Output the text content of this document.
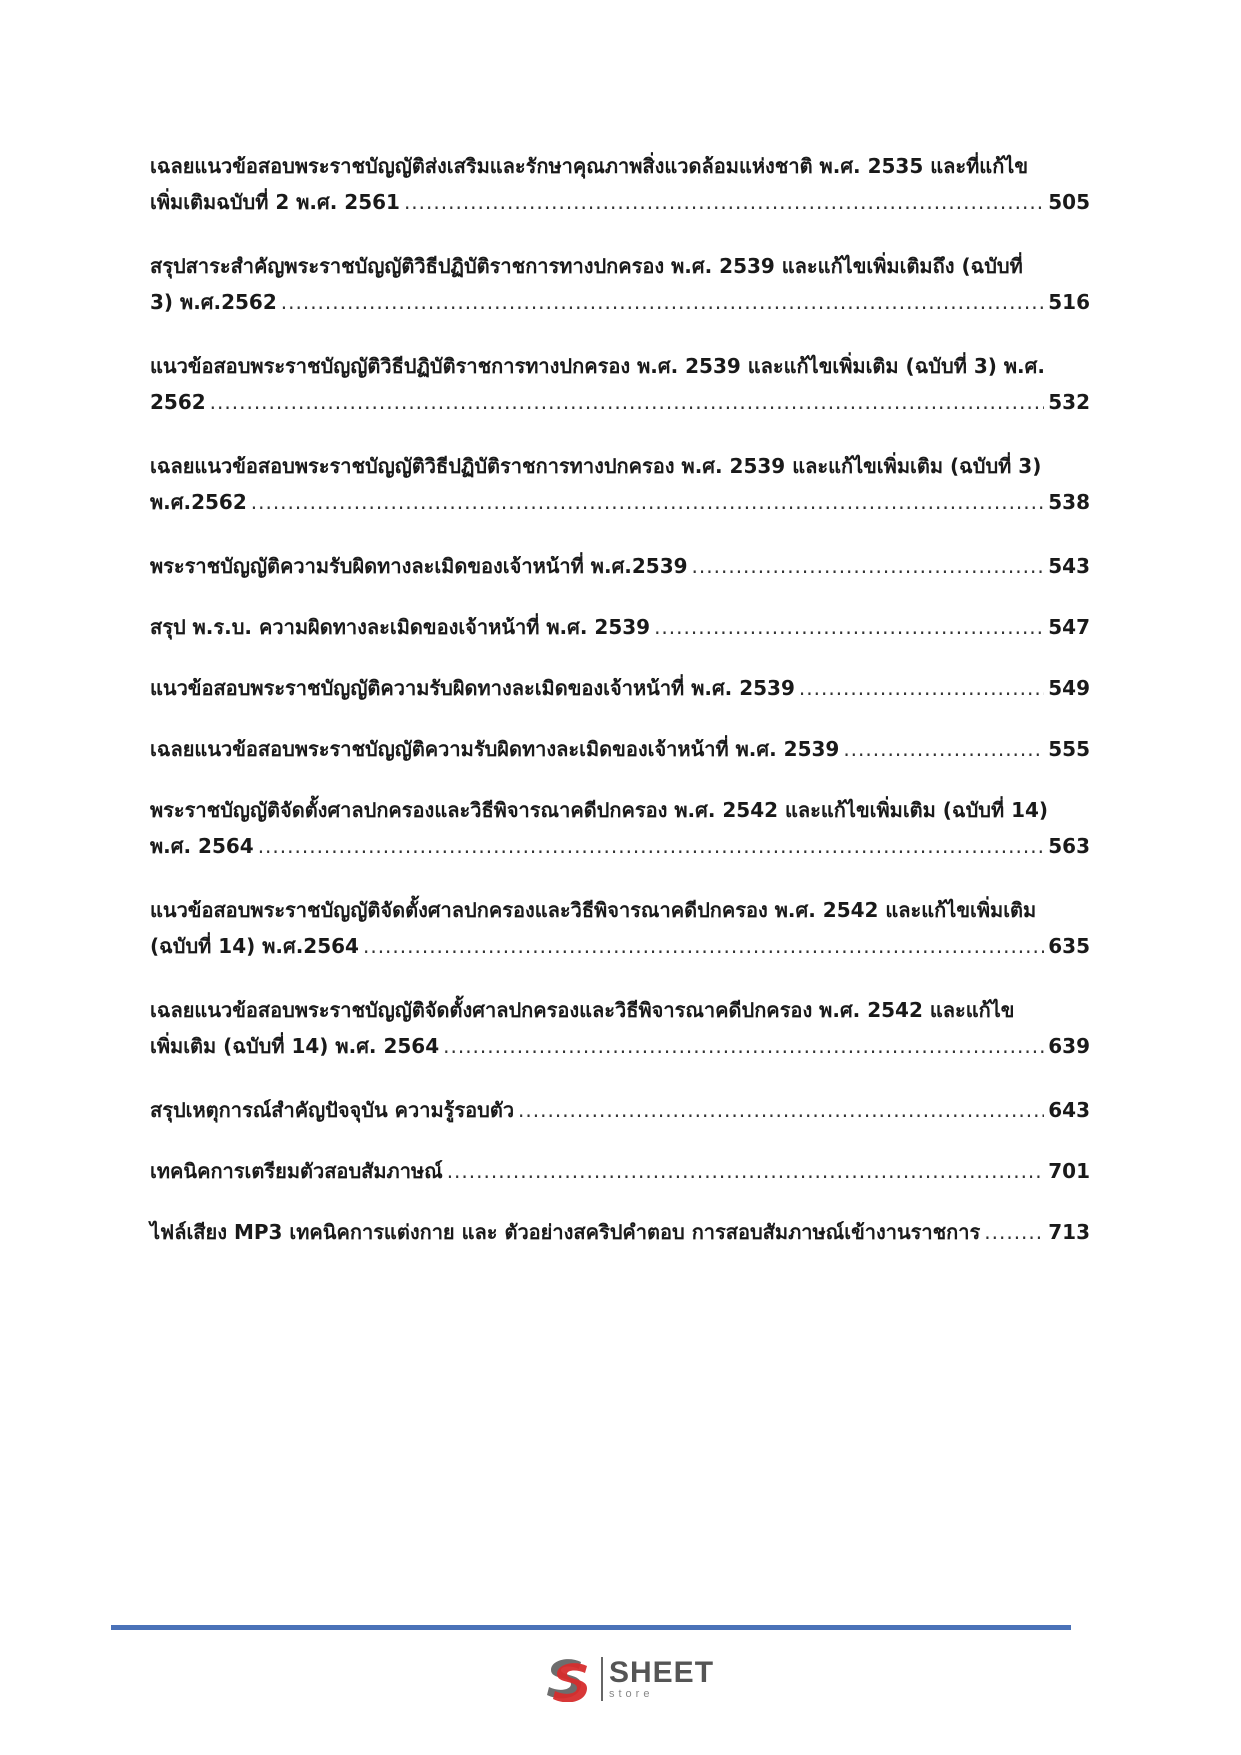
เฉลยแนวข้อสอบพระราชบัญญัติส่งเสริมและรักษาคุณภาพสิ่งแวดล้อมแห่งชาติ พ.ศ. 2535 และที่แก้ไข
เพิ่มเติมฉบับที่ 2 พ.ศ. 2561 .....	505
สรุปสาระสำคัญพระราชบัญญัติวิธีปฏิบัติราชการทางปกครอง พ.ศ. 2539 และแก้ไขเพิ่มเติมถึง (ฉบับที่
3) พ.ศ.2562 .....	516
แนวข้อสอบพระราชบัญญัติวิธีปฏิบัติราชการทางปกครอง พ.ศ. 2539 และแก้ไขเพิ่มเติม (ฉบับที่ 3) พ.ศ.
2562 .....	532
เฉลยแนวข้อสอบพระราชบัญญัติวิธีปฏิบัติราชการทางปกครอง พ.ศ. 2539 และแก้ไขเพิ่มเติม (ฉบับที่ 3)
พ.ศ.2562 .....	538
พระราชบัญญัติความรับผิดทางละเมิดของเจ้าหน้าที่ พ.ศ.2539 .....	543
สรุป พ.ร.บ. ความผิดทางละเมิดของเจ้าหน้าที่ พ.ศ. 2539 .....	547
แนวข้อสอบพระราชบัญญัติความรับผิดทางละเมิดของเจ้าหน้าที่ พ.ศ. 2539 .....	549
เฉลยแนวข้อสอบพระราชบัญญัติความรับผิดทางละเมิดของเจ้าหน้าที่ พ.ศ. 2539 .....	555
พระราชบัญญัติจัดตั้งศาลปกครองและวิธีพิจารณาคดีปกครอง พ.ศ. 2542 และแก้ไขเพิ่มเติม (ฉบับที่ 14)
พ.ศ. 2564 .....	563
แนวข้อสอบพระราชบัญญัติจัดตั้งศาลปกครองและวิธีพิจารณาคดีปกครอง พ.ศ. 2542 และแก้ไขเพิ่มเติม
(ฉบับที่ 14) พ.ศ.2564 .....	635
เฉลยแนวข้อสอบพระราชบัญญัติจัดตั้งศาลปกครองและวิธีพิจารณาคดีปกครอง พ.ศ. 2542 และแก้ไข
เพิ่มเติม (ฉบับที่ 14) พ.ศ. 2564 .....	639
สรุปเหตุการณ์สำคัญปัจจุบัน ความรู้รอบตัว .....	643
เทคนิคการเตรียมตัวสอบสัมภาษณ์ .....	701
ไฟล์เสียง MP3 เทคนิคการแต่งกาย และ ตัวอย่างสคริปคำตอบ การสอบสัมภาษณ์เข้างานราชการ .....	713
SHEET
store
